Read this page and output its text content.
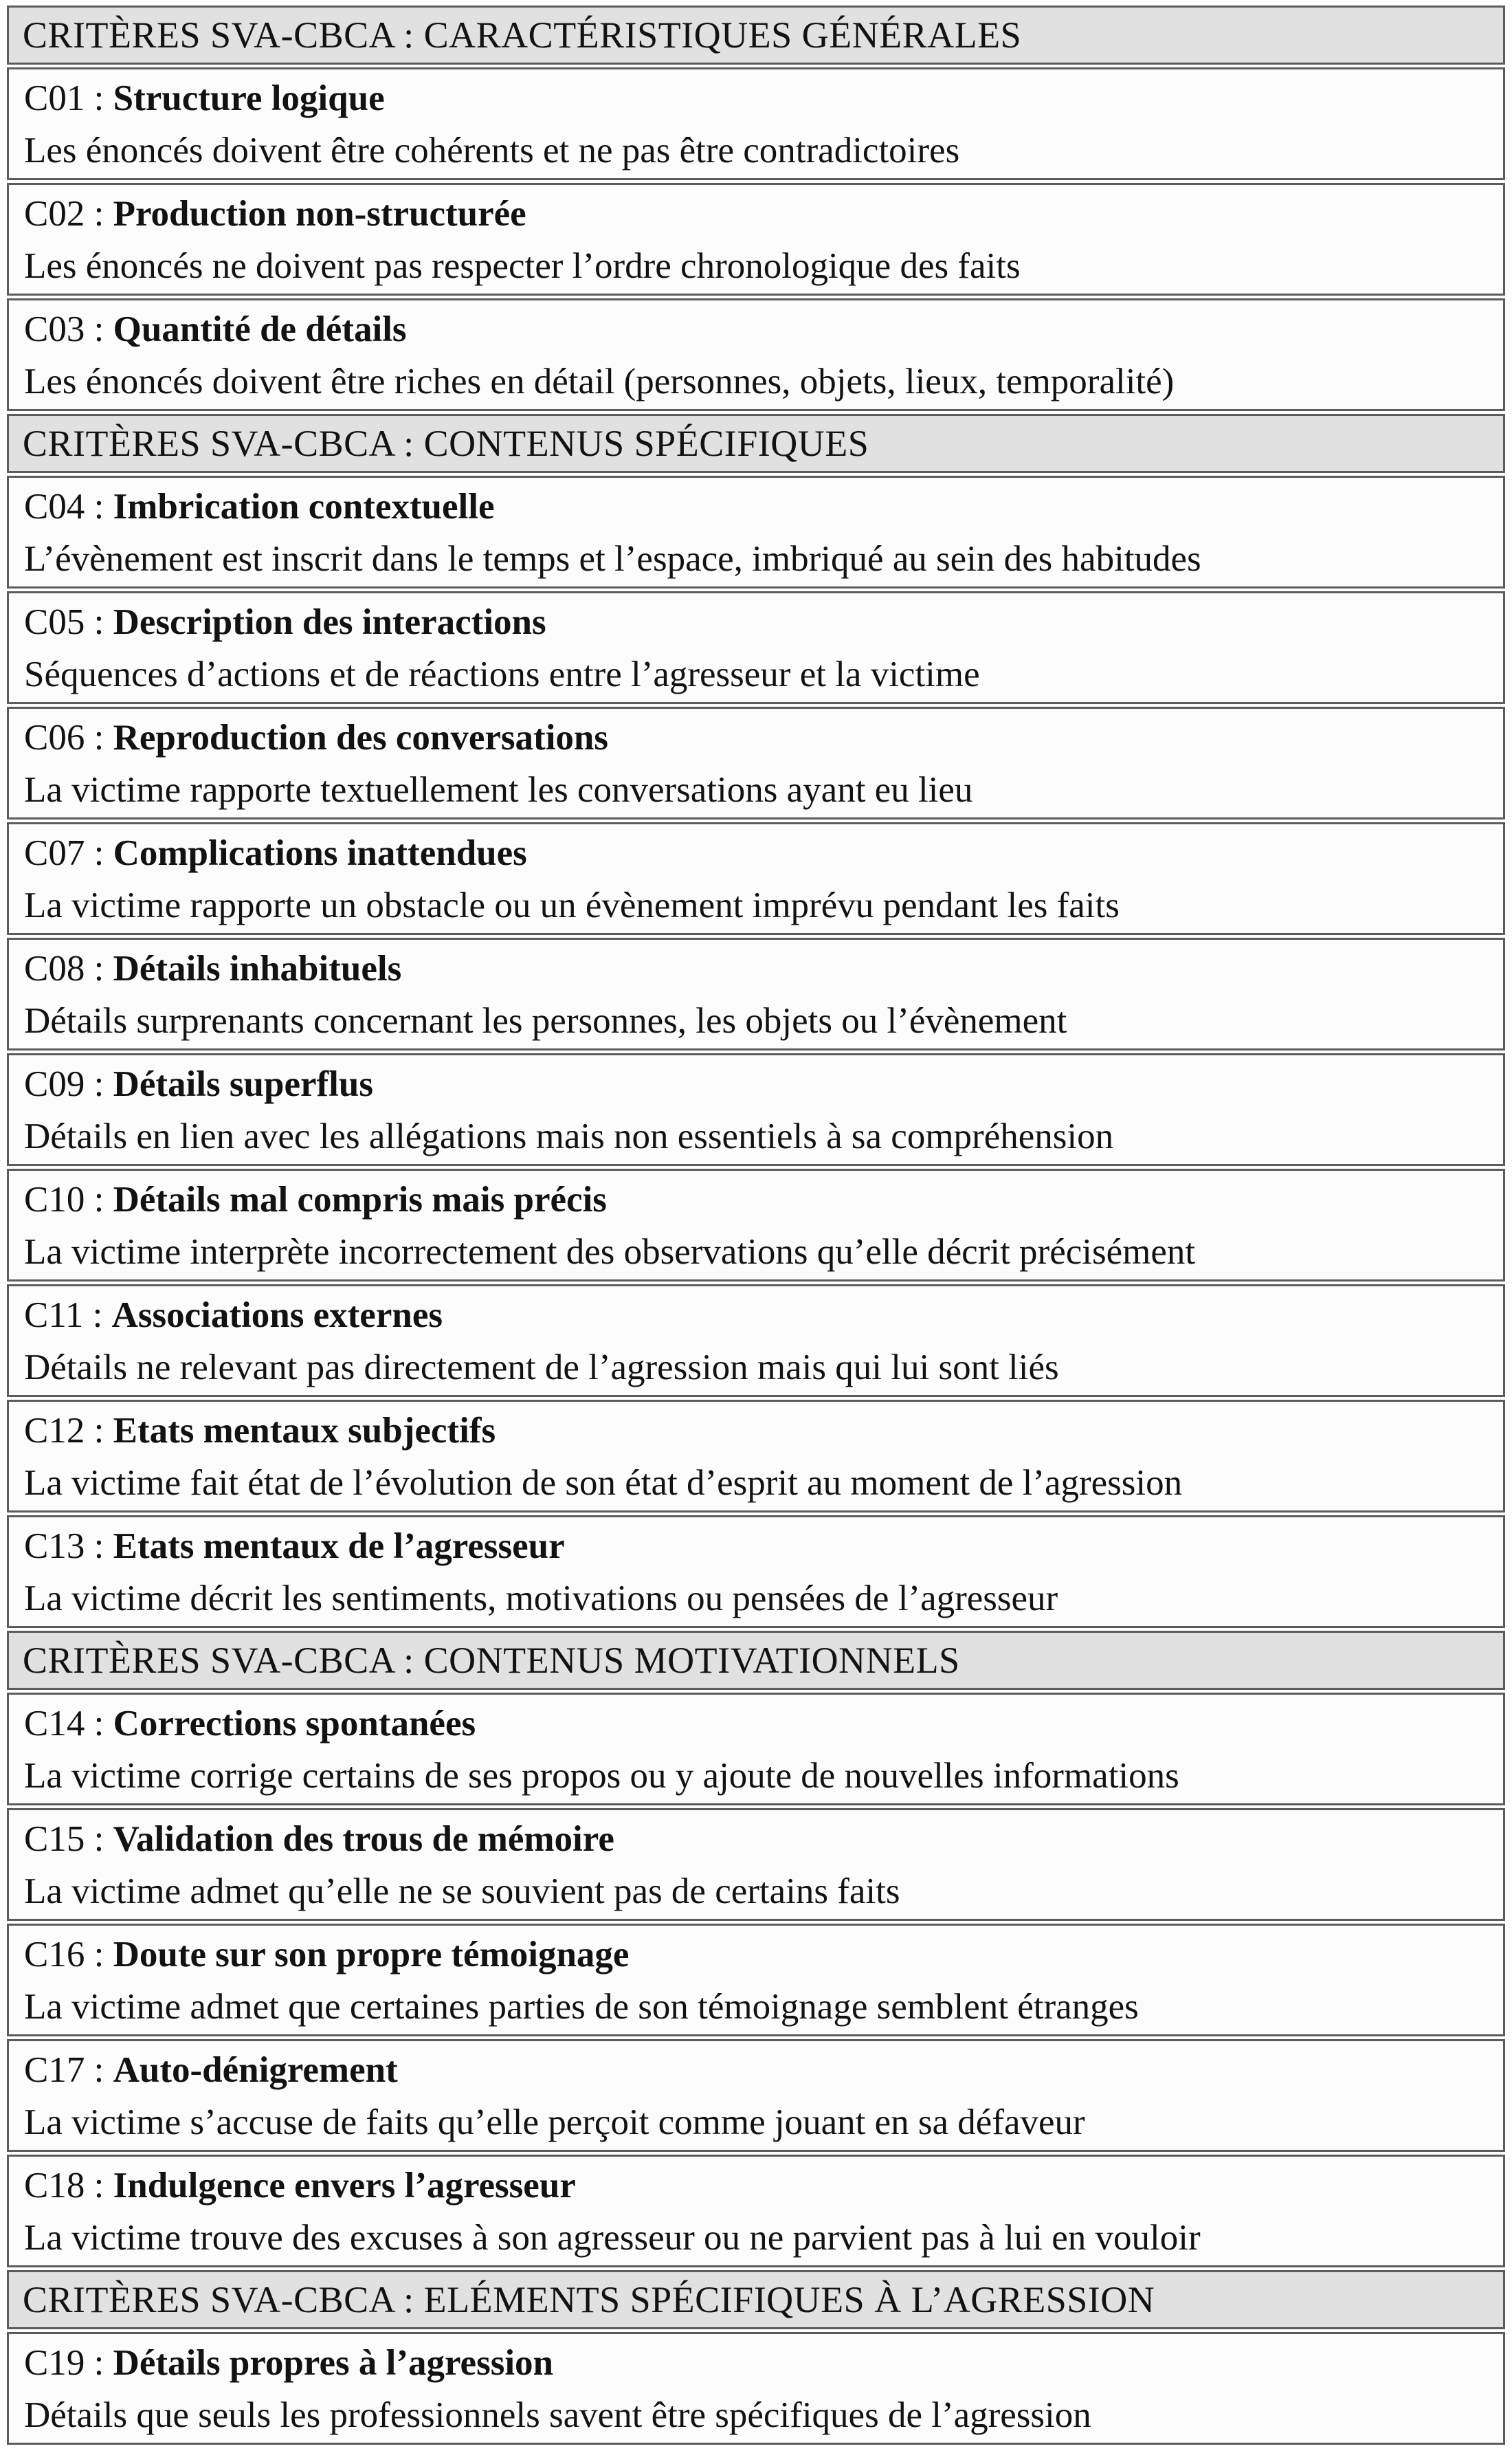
CRITÈRES SVA-CBCA : CARACTÉRISTIQUES GÉNÉRALES
C01 : Structure logique
Les énoncés doivent être cohérents et ne pas être contradictoires
C02 : Production non-structurée
Les énoncés ne doivent pas respecter l’ordre chronologique des faits
C03 : Quantité de détails
Les énoncés doivent être riches en détail (personnes, objets, lieux, temporalité)
CRITÈRES SVA-CBCA : CONTENUS SPÉCIFIQUES
C04 : Imbrication contextuelle
L’évènement est inscrit dans le temps et l’espace, imbriqué au sein des habitudes
C05 : Description des interactions
Séquences d’actions et de réactions entre l’agresseur et la victime
C06 : Reproduction des conversations
La victime rapporte textuellement les conversations ayant eu lieu
C07 : Complications inattendues
La victime rapporte un obstacle ou un évènement imprévu pendant les faits
C08 : Détails inhabituels
Détails surprenants concernant les personnes, les objets ou l’évènement
C09 : Détails superflus
Détails en lien avec les allégations mais non essentiels à sa compréhension
C10 : Détails mal compris mais précis
La victime interprète incorrectement des observations qu’elle décrit précisément
C11 : Associations externes
Détails ne relevant pas directement de l’agression mais qui lui sont liés
C12 : Etats mentaux subjectifs
La victime fait état de l’évolution de son état d’esprit au moment de l’agression
C13 : Etats mentaux de l’agresseur
La victime décrit les sentiments, motivations ou pensées de l’agresseur
CRITÈRES SVA-CBCA : CONTENUS MOTIVATIONNELS
C14 : Corrections spontanées
La victime corrige certains de ses propos ou y ajoute de nouvelles informations
C15 : Validation des trous de mémoire
La victime admet qu’elle ne se souvient pas de certains faits
C16 : Doute sur son propre témoignage
La victime admet que certaines parties de son témoignage semblent étranges
C17 : Auto-dénigrement
La victime s’accuse de faits qu’elle perçoit comme jouant en sa défaveur
C18 : Indulgence envers l’agresseur
La victime trouve des excuses à son agresseur ou ne parvient pas à lui en vouloir
CRITÈRES SVA-CBCA : ELÉMENTS SPÉCIFIQUES À L’AGRESSION
C19 : Détails propres à l’agression
Détails que seuls les professionnels savent être spécifiques de l’agression
